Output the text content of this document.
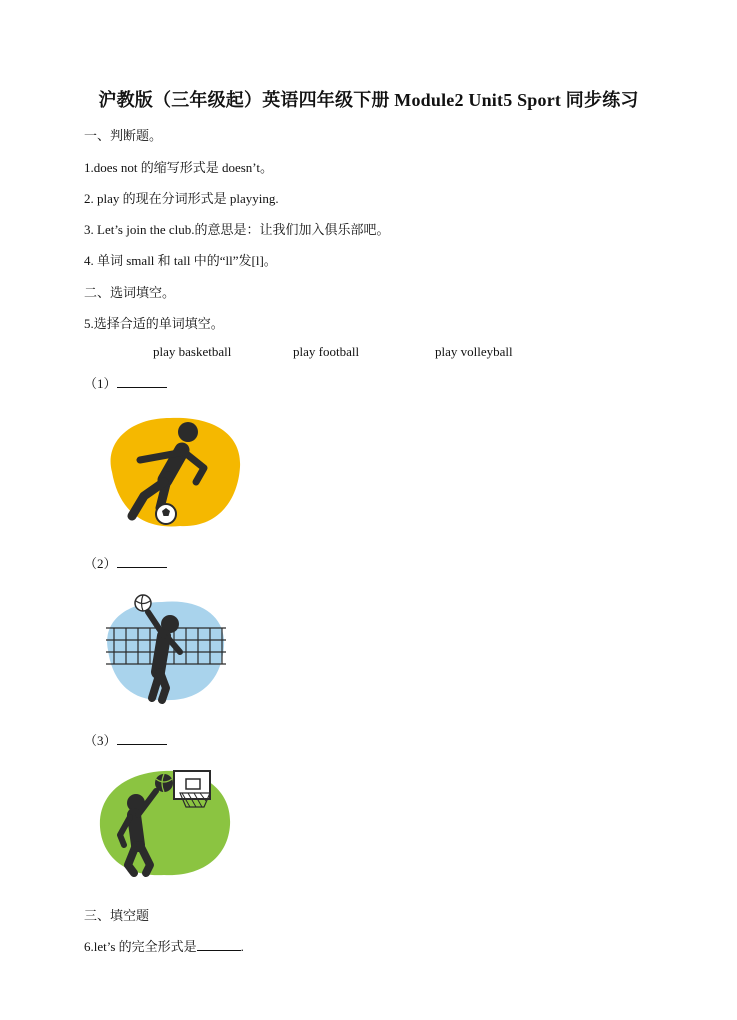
沪教版（三年级起）英语四年级下册 Module2 Unit5 Sport 同步练习
一、判断题。
1.does not 的缩写形式是 doesn’t。
2. play 的现在分词形式是 playying.
3. Let’s join the club.的意思是：让我们加入俱乐部吧。
4. 单词 small 和 tall 中的“ll”发[l]。
二、选词填空。
5.选择合适的单词填空。
play basketball	play football	play volleyball
（1）
（2）
（3）
三、填空题
6.let’s 的完全形式是	.
